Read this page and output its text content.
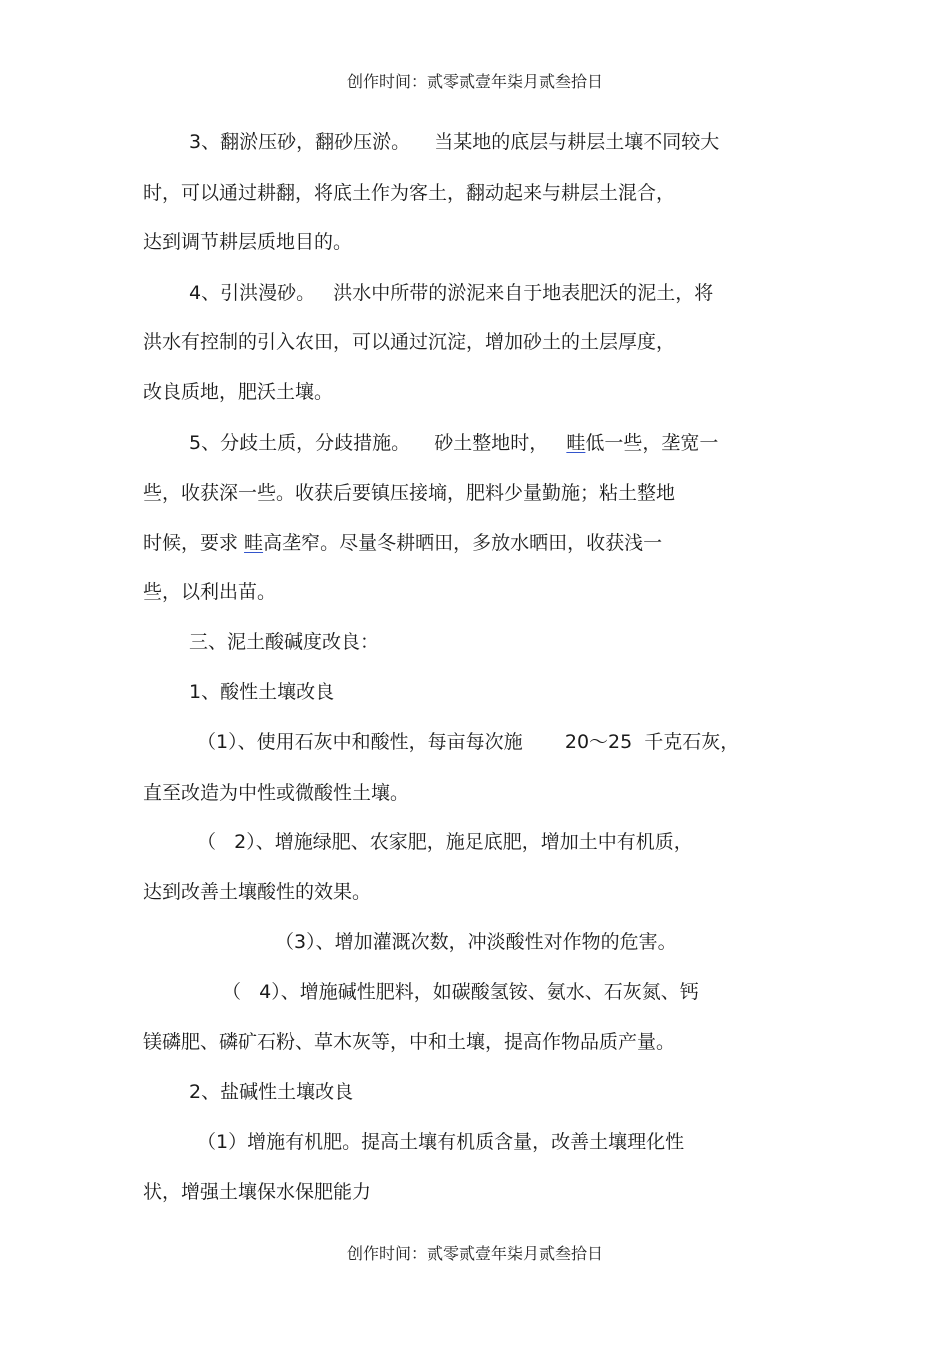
创作时间：贰零贰壹年柒月贰叁拾日
3、翻淤压砂，翻砂压淤。    当某地的底层与耕层土壤不同较大
时，可以通过耕翻，将底土作为客土，翻动起来与耕层土混合，
达到调节耕层质地目的。
4、引洪漫砂。   洪水中所带的淤泥来自于地表肥沃的泥土，将
洪水有控制的引入农田，可以通过沉淀，增加砂土的土层厚度，
改良质地，肥沃土壤。
5、分歧土质，分歧措施。    砂土整地时，   畦低一些，垄宽一
些，收获深一些。收获后要镇压接墒，肥料少量勤施；粘土整地
时候，要求 畦高垄窄。尽量冬耕晒田，多放水晒田，收获浅一
些，以利出苗。
三、泥土酸碱度改良：
1、酸性土壤改良
（1）、使用石灰中和酸性，每亩每次施       20～25  千克石灰，
直至改造为中性或微酸性土壤。
（   2）、增施绿肥、农家肥，施足底肥，增加土中有机质，
达到改善土壤酸性的效果。
（3）、增加灌溉次数，冲淡酸性对作物的危害。
（   4）、增施碱性肥料，如碳酸氢铵、氨水、石灰氮、钙
镁磷肥、磷矿石粉、草木灰等，中和土壤，提高作物品质产量。
2、盐碱性土壤改良
（1）增施有机肥。提高土壤有机质含量，改善土壤理化性
状，增强土壤保水保肥能力
创作时间：贰零贰壹年柒月贰叁拾日
